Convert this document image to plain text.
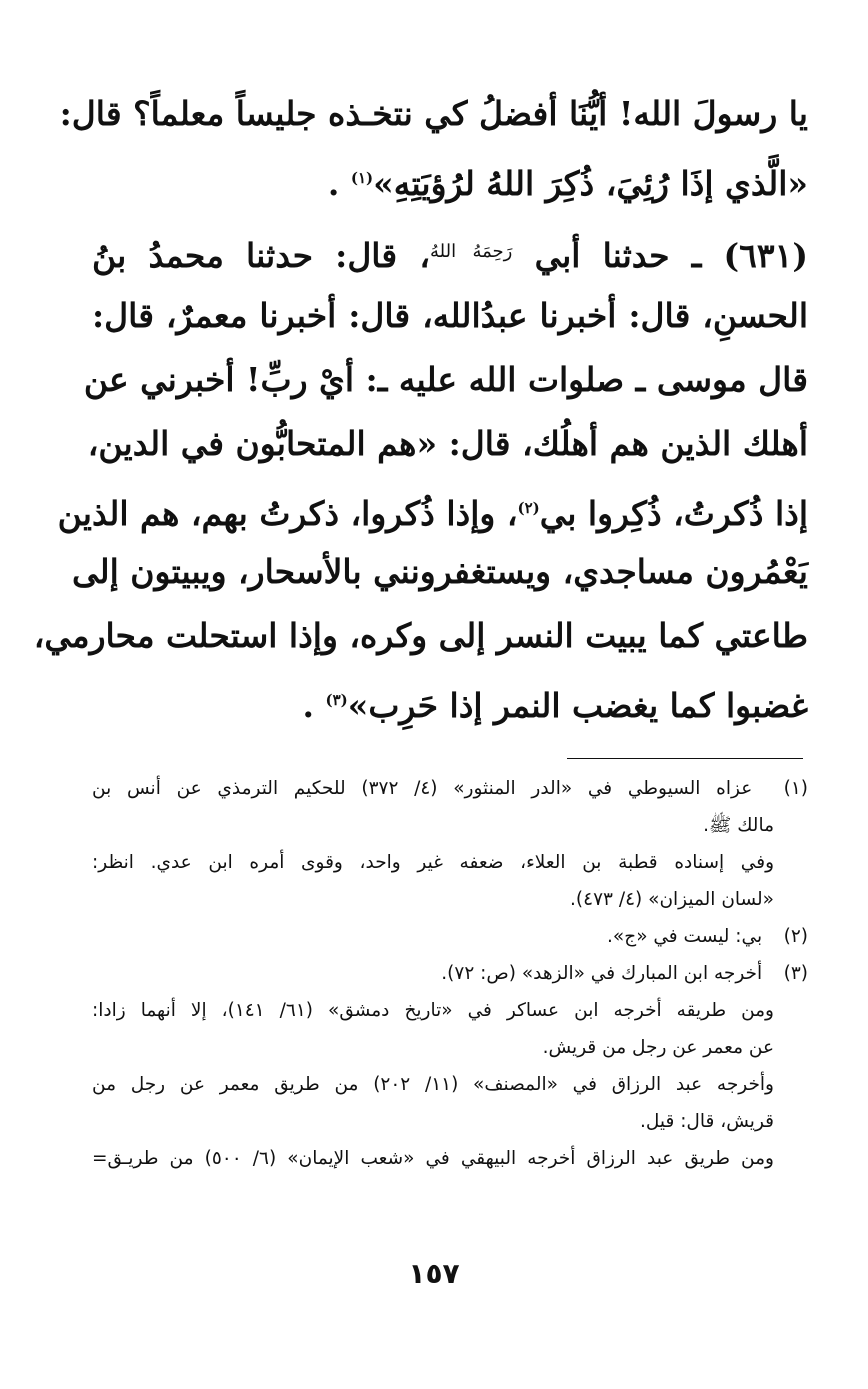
يا رسولَ الله! أيُّنَا أفضلُ كي نتخـذه جليساً معلماً؟ قال:
«الَّذي إذَا رُئِيَ، ذُكِرَ اللهُ لرُؤيَتِهِ»$^{(١)}$ .
(٦٣١) ـ حدثنا أبي $^{رَحِمَهُ اللهُ}$، قال: حدثنا محمدُ بنُ
الحسنِ، قال: أخبرنا عبدُالله، قال: أخبرنا معمرٌ، قال:
قال موسى ـ صلوات الله عليه ـ: أيْ ربِّ! أخبرني عن
أهلك الذين هم أهلُك، قال: «هم المتحابُّون في الدين،
إذا ذُكرتُ، ذُكِروا بي$^{(٢)}$، وإذا ذُكروا، ذكرتُ بهم، هم الذين
يَعْمُرون مساجدي، ويستغفرونني بالأسحار، ويبيتون إلى
طاعتي كما يبيت النسر إلى وكره، وإذا استحلت محارمي،
غضبوا كما يغضب النمر إذا حَرِب»$^{(٣)}$ .
(١) عزاه السيوطي في «الدر المنثور» (٤/ ٣٧٢) للحكيم الترمذي عن أنس بن
مالك ﷺ.
وفي إسناده قطبة بن العلاء، ضعفه غير واحد، وقوى أمره ابن عدي. انظر:
«لسان الميزان» (٤/ ٤٧٣).
(٢) بي: ليست في «ج».
(٣) أخرجه ابن المبارك في «الزهد» (ص: ٧٢).
ومن طريقه أخرجه ابن عساكر في «تاريخ دمشق» (٦١/ ١٤١)، إلا أنهما زادا:
عن معمر عن رجل من قريش.
وأخرجه عبد الرزاق في «المصنف» (١١/ ٢٠٢) من طريق معمر عن رجل من
قريش، قال: قيل.
ومن طريق عبد الرزاق أخرجه البيهقي في «شعب الإيمان» (٦/ ٥٠٠) من طريـق=
١٥٧
